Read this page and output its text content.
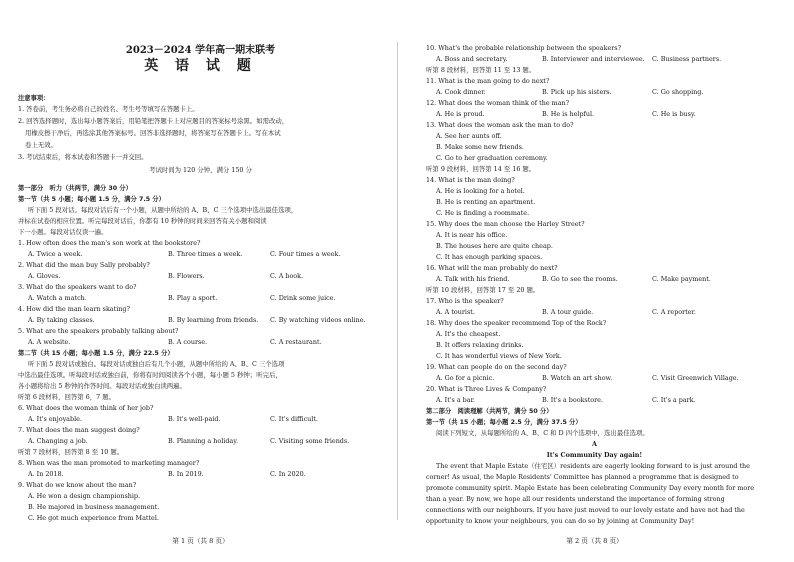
2023－2024 学年高一期末联考
英 语 试 题
注意事项：
1. 答卷前，考生务必将自己的姓名、考生号等填写在答题卡上。
2. 回答选择题时，选出每小题答案后，用铅笔把答题卡上对应题目的答案标号涂黑。如需改动，
用橡皮擦干净后，再选涂其他答案标号。回答非选择题时，将答案写在答题卡上。写在本试
卷上无效。
3. 考试结束后，将本试卷和答题卡一并交回。
考试时间为 120 分钟，满分 150 分
第一部分　听力（共两节，满分 30 分）
第一节（共 5 小题；每小题 1.5 分，满分 7.5 分）
听下面 5 段对话。每段对话后有一个小题，从题中所给的 A、B、C 三个选项中选出最佳选项，
并标在试卷的相应位置。听完每段对话后，你都有 10 秒钟的时间来回答有关小题和阅读
下一小题。每段对话仅读一遍。
1. How often does the man's son work at the bookstore?
A. Twice a week.	B. Three times a week.	C. Four times a week.
2. What did the man buy Sally probably?
A. Gloves.	B. Flowers.	C. A book.
3. What do the speakers want to do?
A. Watch a match.	B. Play a sport.	C. Drink some juice.
4. How did the man learn skating?
A. By taking classes.	B. By learning from friends. C. By watching videos online.
5. What are the speakers probably talking about?
A. A website.	B. A course.	C. A restaurant.
第二节（共 15 小题；每小题 1.5 分，满分 22.5 分）
听下面 5 段对话或独白。每段对话或独白后有几个小题，从题中所给的 A、B、C 三个选项
中选出最佳选项。听每段对话或独白前，你将有时间阅读各个小题，每小题 5 秒钟；听完后，
各小题将给出 5 秒钟的作答时间。每段对话或独白读两遍。
听第 6 段材料，回答第 6，7 题。
6. What does the woman think of her job?
A. It's enjoyable.	B. It's well-paid.	C. It's difficult.
7. What does the man suggest doing?
A. Changing a job.	B. Planning a holiday.	C. Visiting some friends.
听第 7 段材料，回答第 8 至 10 题。
8. When was the man promoted to marketing manager?
A. In 2018.	B. In 2019.	C. In 2020.
9. What do we know about the man?
A. He won a design championship.
B. He majored in business management.
C. He got much experience from Mattel.
第 1 页（共 8 页）
10. What's the probable relationship between the speakers?
A. Boss and secretary.	B. Interviewer and interviewee. C. Business partners.
听第 8 段材料，回答第 11 至 13 题。
11. What is the man going to do next?
A. Cook dinner.	B. Pick up his sisters.	C. Go shopping.
12. What does the woman think of the man?
A. He is proud.	B. He is helpful.	C. He is busy.
13. What does the woman ask the man to do?
A. See her aunts off.
B. Make some new friends.
C. Go to her graduation ceremony.
听第 9 段材料，回答第 14 至 16 题。
14. What is the man doing?
A. He is looking for a hotel.
B. He is renting an apartment.
C. He is finding a roommate.
15. Why does the man choose the Harley Street?
A. It is near his office.
B. The houses here are quite cheap.
C. It has enough parking spaces.
16. What will the man probably do next?
A. Talk with his friend.	B. Go to see the rooms.	C. Make payment.
听第 10 段材料，回答第 17 至 20 题。
17. Who is the speaker?
A. A tourist.	B. A tour guide.	C. A reporter.
18. Why does the speaker recommend Top of the Rock?
A. It's the cheapest.
B. It offers relaxing drinks.
C. It has wonderful views of New York.
19. What can people do on the second day?
A. Go for a picnic.	B. Watch an art show.	C. Visit Greenwich Village.
20. What is Three Lives & Company?
A. It's a bar.	B. It's a bookstore.	C. It's a park.
第二部分　阅读理解（共两节，满分 50 分）
第一节（共 15 小题；每小题 2.5 分，满分 37.5 分）
阅读下列短文，从每题所给的 A、B、C 和 D 四个选项中，选出最佳选项。
A
It's Community Day again!
The event that Maple Estate（住宅区）residents are eagerly looking forward to is just around the
corner! As usual, the Maple Residents' Committee has planned a programme that is designed to
promote community spirit. Maple Estate has been celebrating Community Day every month for more
than a year. By now, we hope all our residents understand the importance of forming strong
connections with our neighbours. If you have just moved to our lovely estate and have not had the
opportunity to know your neighbours, you can do so by joining at Community Day!
第 2 页（共 8 页）
